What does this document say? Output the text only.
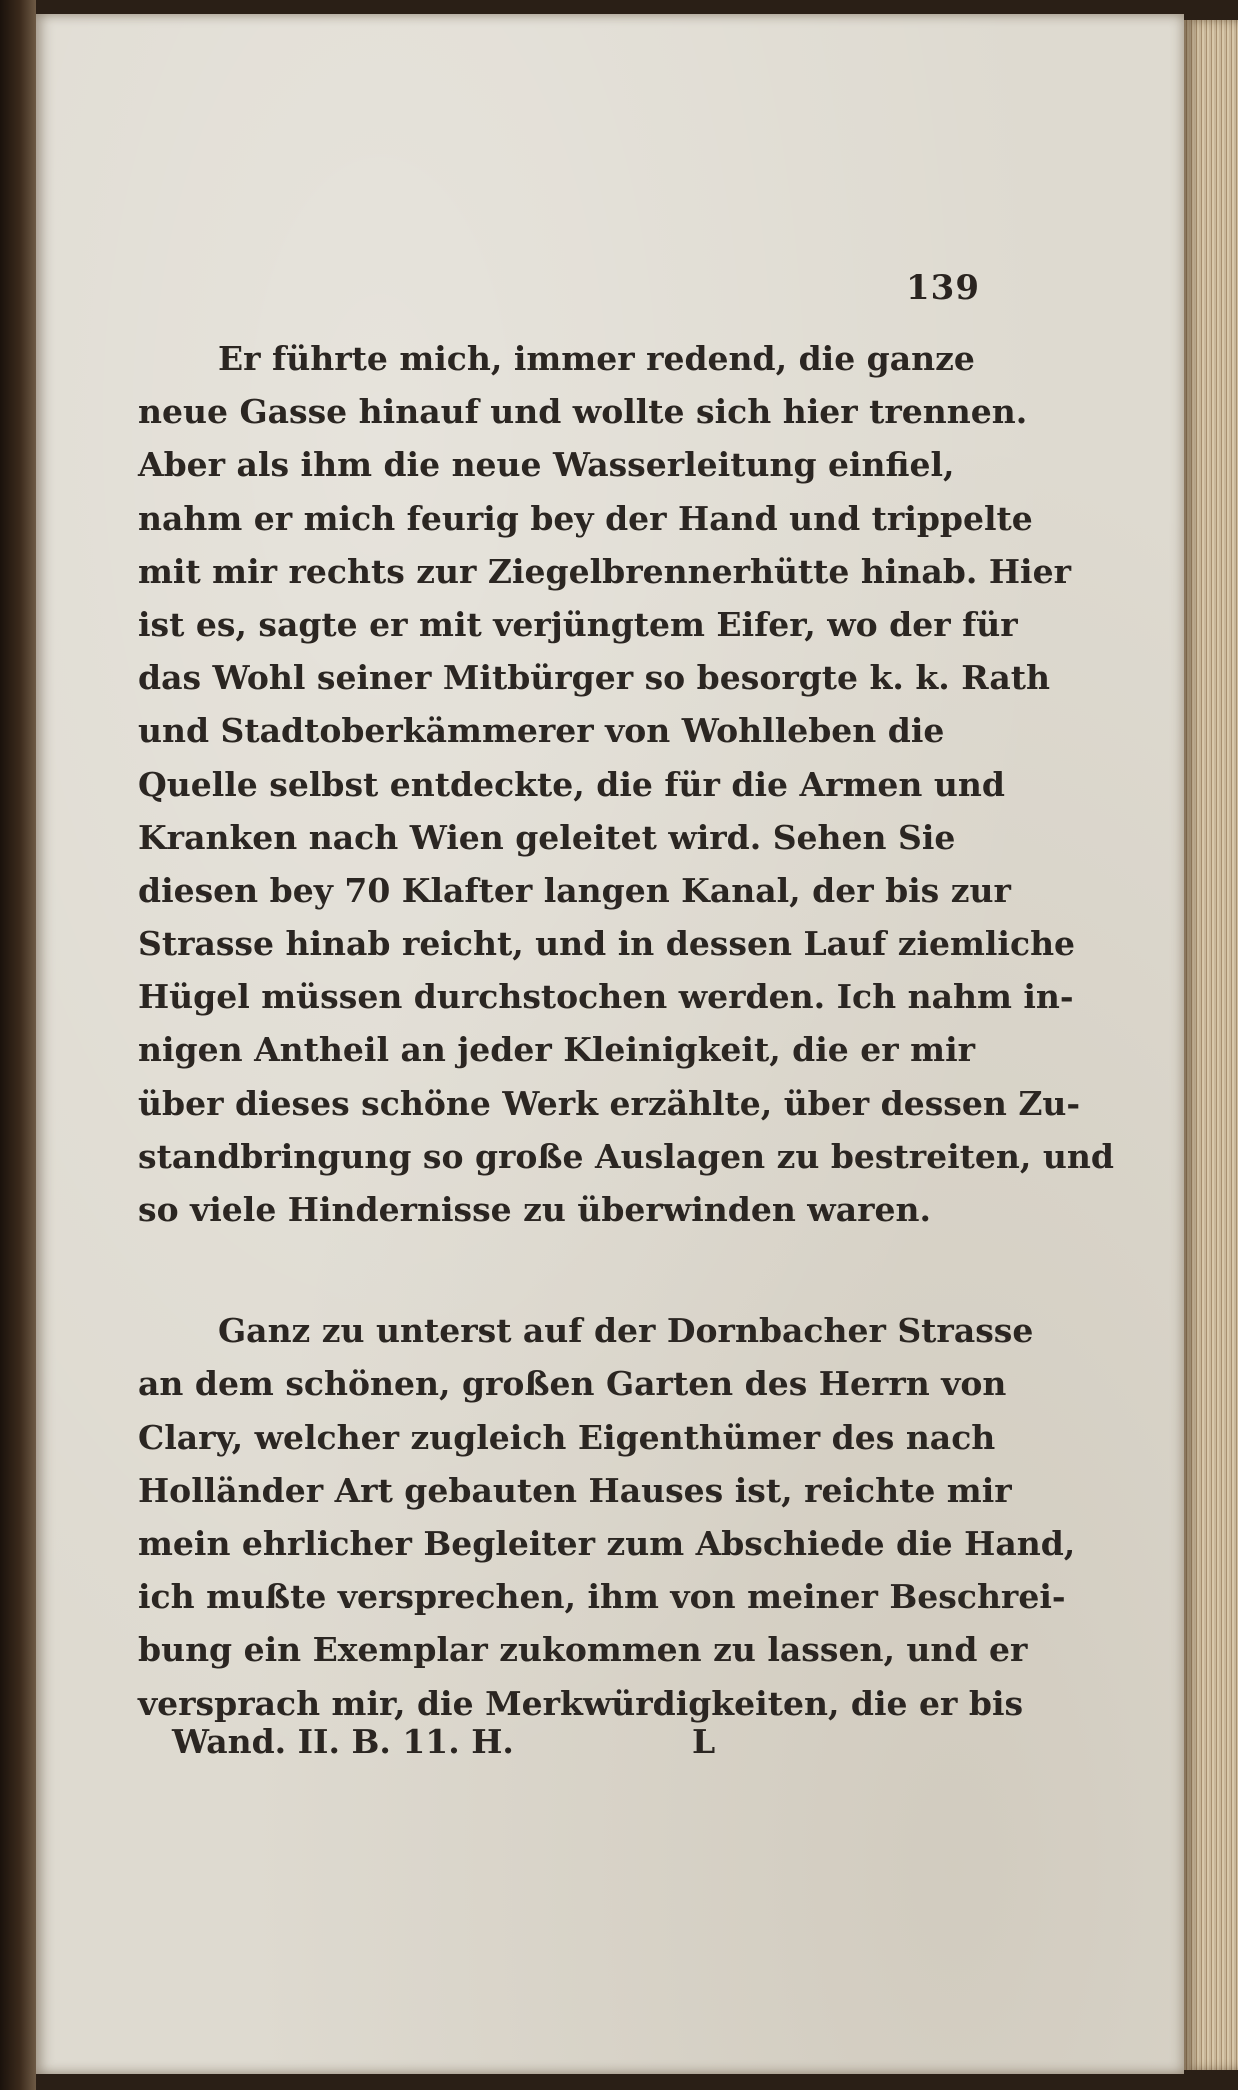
139
Er führte mich, immer redend, die ganze
neue Gasse hinauf und wollte sich hier trennen.
Aber als ihm die neue Wasserleitung einfiel,
nahm er mich feurig bey der Hand und trippelte
mit mir rechts zur Ziegelbrennerhütte hinab. Hier
ist es, sagte er mit verjüngtem Eifer, wo der für
das Wohl seiner Mitbürger so besorgte k. k. Rath
und Stadtoberkämmerer von Wohlleben die
Quelle selbst entdeckte, die für die Armen und
Kranken nach Wien geleitet wird. Sehen Sie
diesen bey 70 Klafter langen Kanal, der bis zur
Strasse hinab reicht, und in dessen Lauf ziemliche
Hügel müssen durchstochen werden. Ich nahm in-
nigen Antheil an jeder Kleinigkeit, die er mir
über dieses schöne Werk erzählte, über dessen Zu-
standbringung so große Auslagen zu bestreiten, und
so viele Hindernisse zu überwinden waren.
Ganz zu unterst auf der Dornbacher Strasse
an dem schönen, großen Garten des Herrn von
Clary, welcher zugleich Eigenthümer des nach
Holländer Art gebauten Hauses ist, reichte mir
mein ehrlicher Begleiter zum Abschiede die Hand,
ich mußte versprechen, ihm von meiner Beschrei-
bung ein Exemplar zukommen zu lassen, und er
versprach mir, die Merkwürdigkeiten, die er bis
Wand. II. B. 11. H.	L
